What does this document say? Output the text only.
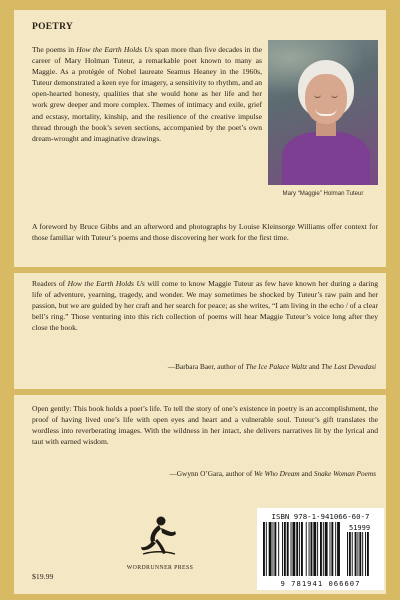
POETRY

The poems in How the Earth Holds Us span more than five decades in the career of Mary Holman Tuteur, a remarkable poet known to many as Maggie. As a protégée of Nobel laureate Seamus Heaney in the 1960s, Tuteur demonstrated a keen eye for imagery, a sensitivity to rhythm, and an open-hearted honesty, qualities that she would hone as her life and her work grew deeper and more complex. Themes of intimacy and exile, grief and ecstasy, mortality, kinship, and the resilience of the creative impulse thread through the book’s seven sections, accompanied by the poet’s own dream-wrought and imaginative drawings.

Mary “Maggie” Holman Tuteur

A foreword by Bruce Gibbs and an afterword and photographs by Louise Kleinsorge Williams offer context for those familiar with Tuteur’s poems and those discovering her work for the first time.

Readers of How the Earth Holds Us will come to know Maggie Tuteur as few have known her during a daring life of adventure, yearning, tragedy, and wonder. We may sometimes be shocked by Tuteur’s raw pain and her passion, but we are guided by her craft and her search for peace; as she writes, “I am living in the echo / of a clear bell’s ring.” Those venturing into this rich collection of poems will hear Maggie Tuteur’s voice long after they close the book.

—Barbara Baer, author of The Ice Palace Waltz and The Last Devadasi

Open gently: This book holds a poet’s life. To tell the story of one’s existence in poetry is an accomplishment, the proof of having lived one’s life with open eyes and heart and a vulnerable soul. Tuteur’s gift translates the wordless into reverberating images. With the wildness in her intact, she delivers narratives lit by the lyrical and taut with earned wisdom.

—Gwynn O’Gara, author of We Who Dream and Snake Woman Poems
$19.99
WORDRUNNER PRESS
ISBN 978-1-941066-60-7
51999
9 781941 066607
